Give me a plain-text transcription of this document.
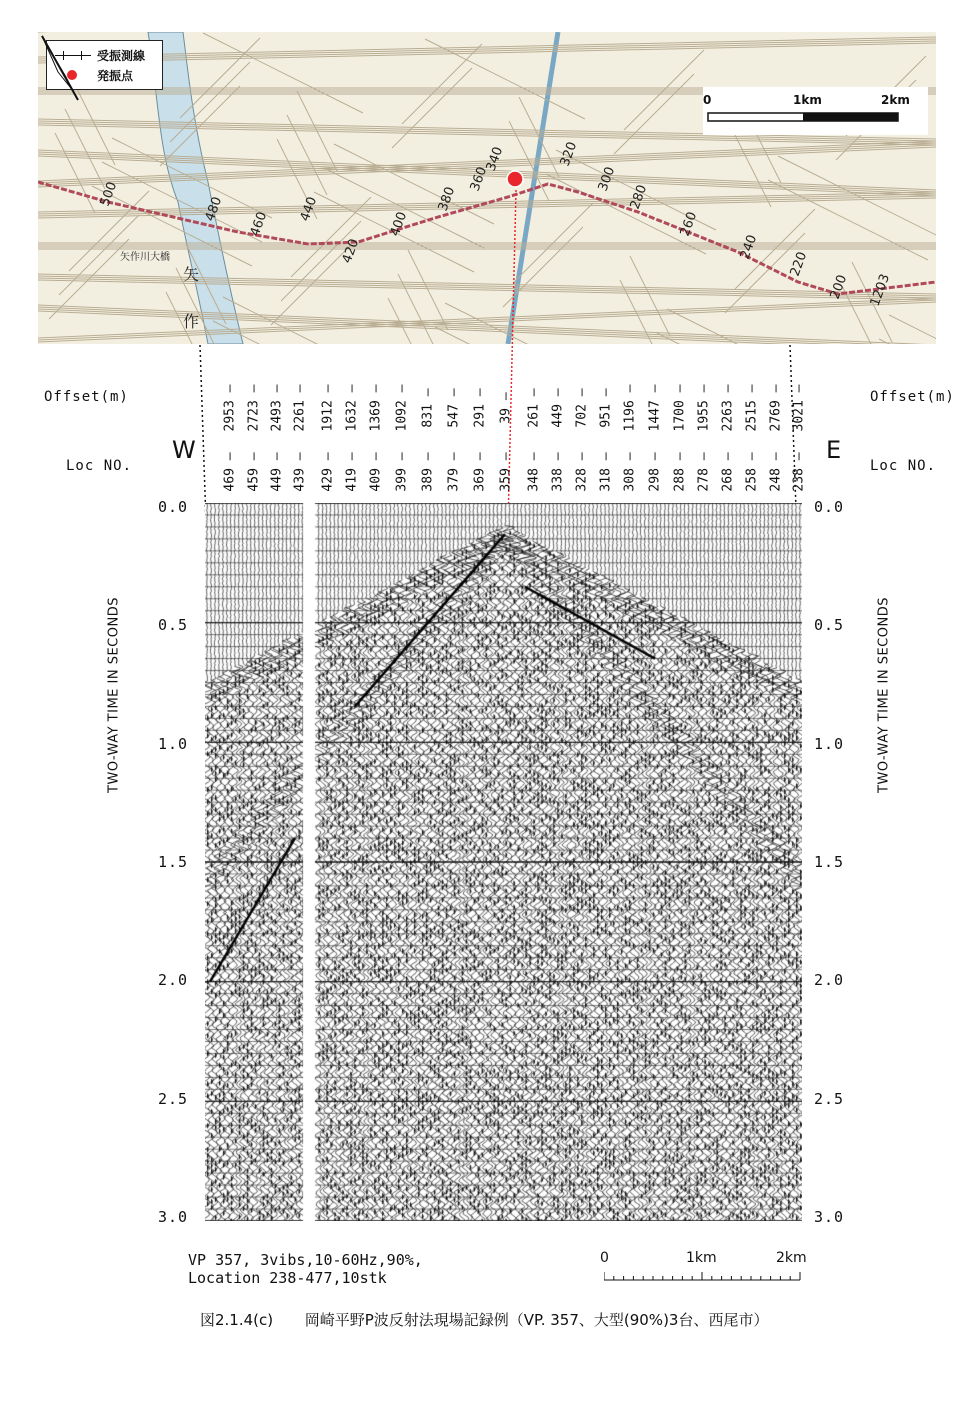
500
480
460
440
420
400
380
360
340	320
300
280
260
240
220
200 1203
矢作川大橋
矢
作
受振測線
発振点
0	1km	2km
Offset(m)	Offset(m)
Loc NO.	Loc NO.
W	E
2953 —
469 —
2723 —
459 —
2493 —
449 —
2261 —
439 —
1912 —
429 —
1632 —
419 —
1369 —
409 —
1092 —
399 —
831 —
389 —
547 —
379 —
291 —
369 —
39 —
359 —
261 —
348 —
449 —
338 —
702 —
328 —
951 —
318 —
1196 —
308 —
1447 —
298 —
1700 —
288 —
1955 —
278 —
2263 —
268 —
2515 —
258 —
2769 —
248 —
3021 —
238 —
TWO-WAY TIME IN SECONDS	TWO-WAY TIME IN SECONDS
0.0
0.5
1.0
1.5
2.0
2.5
3.0
0.0
0.5
1.0
1.5
2.0
2.5
3.0
VP 357, 3vibs,10-60Hz,90%,
Location 238-477,10stk
0	1km	2km
図2.1.4(c) 岡崎平野P波反射法現場記録例（VP. 357、大型(90%)3台、西尾市）
